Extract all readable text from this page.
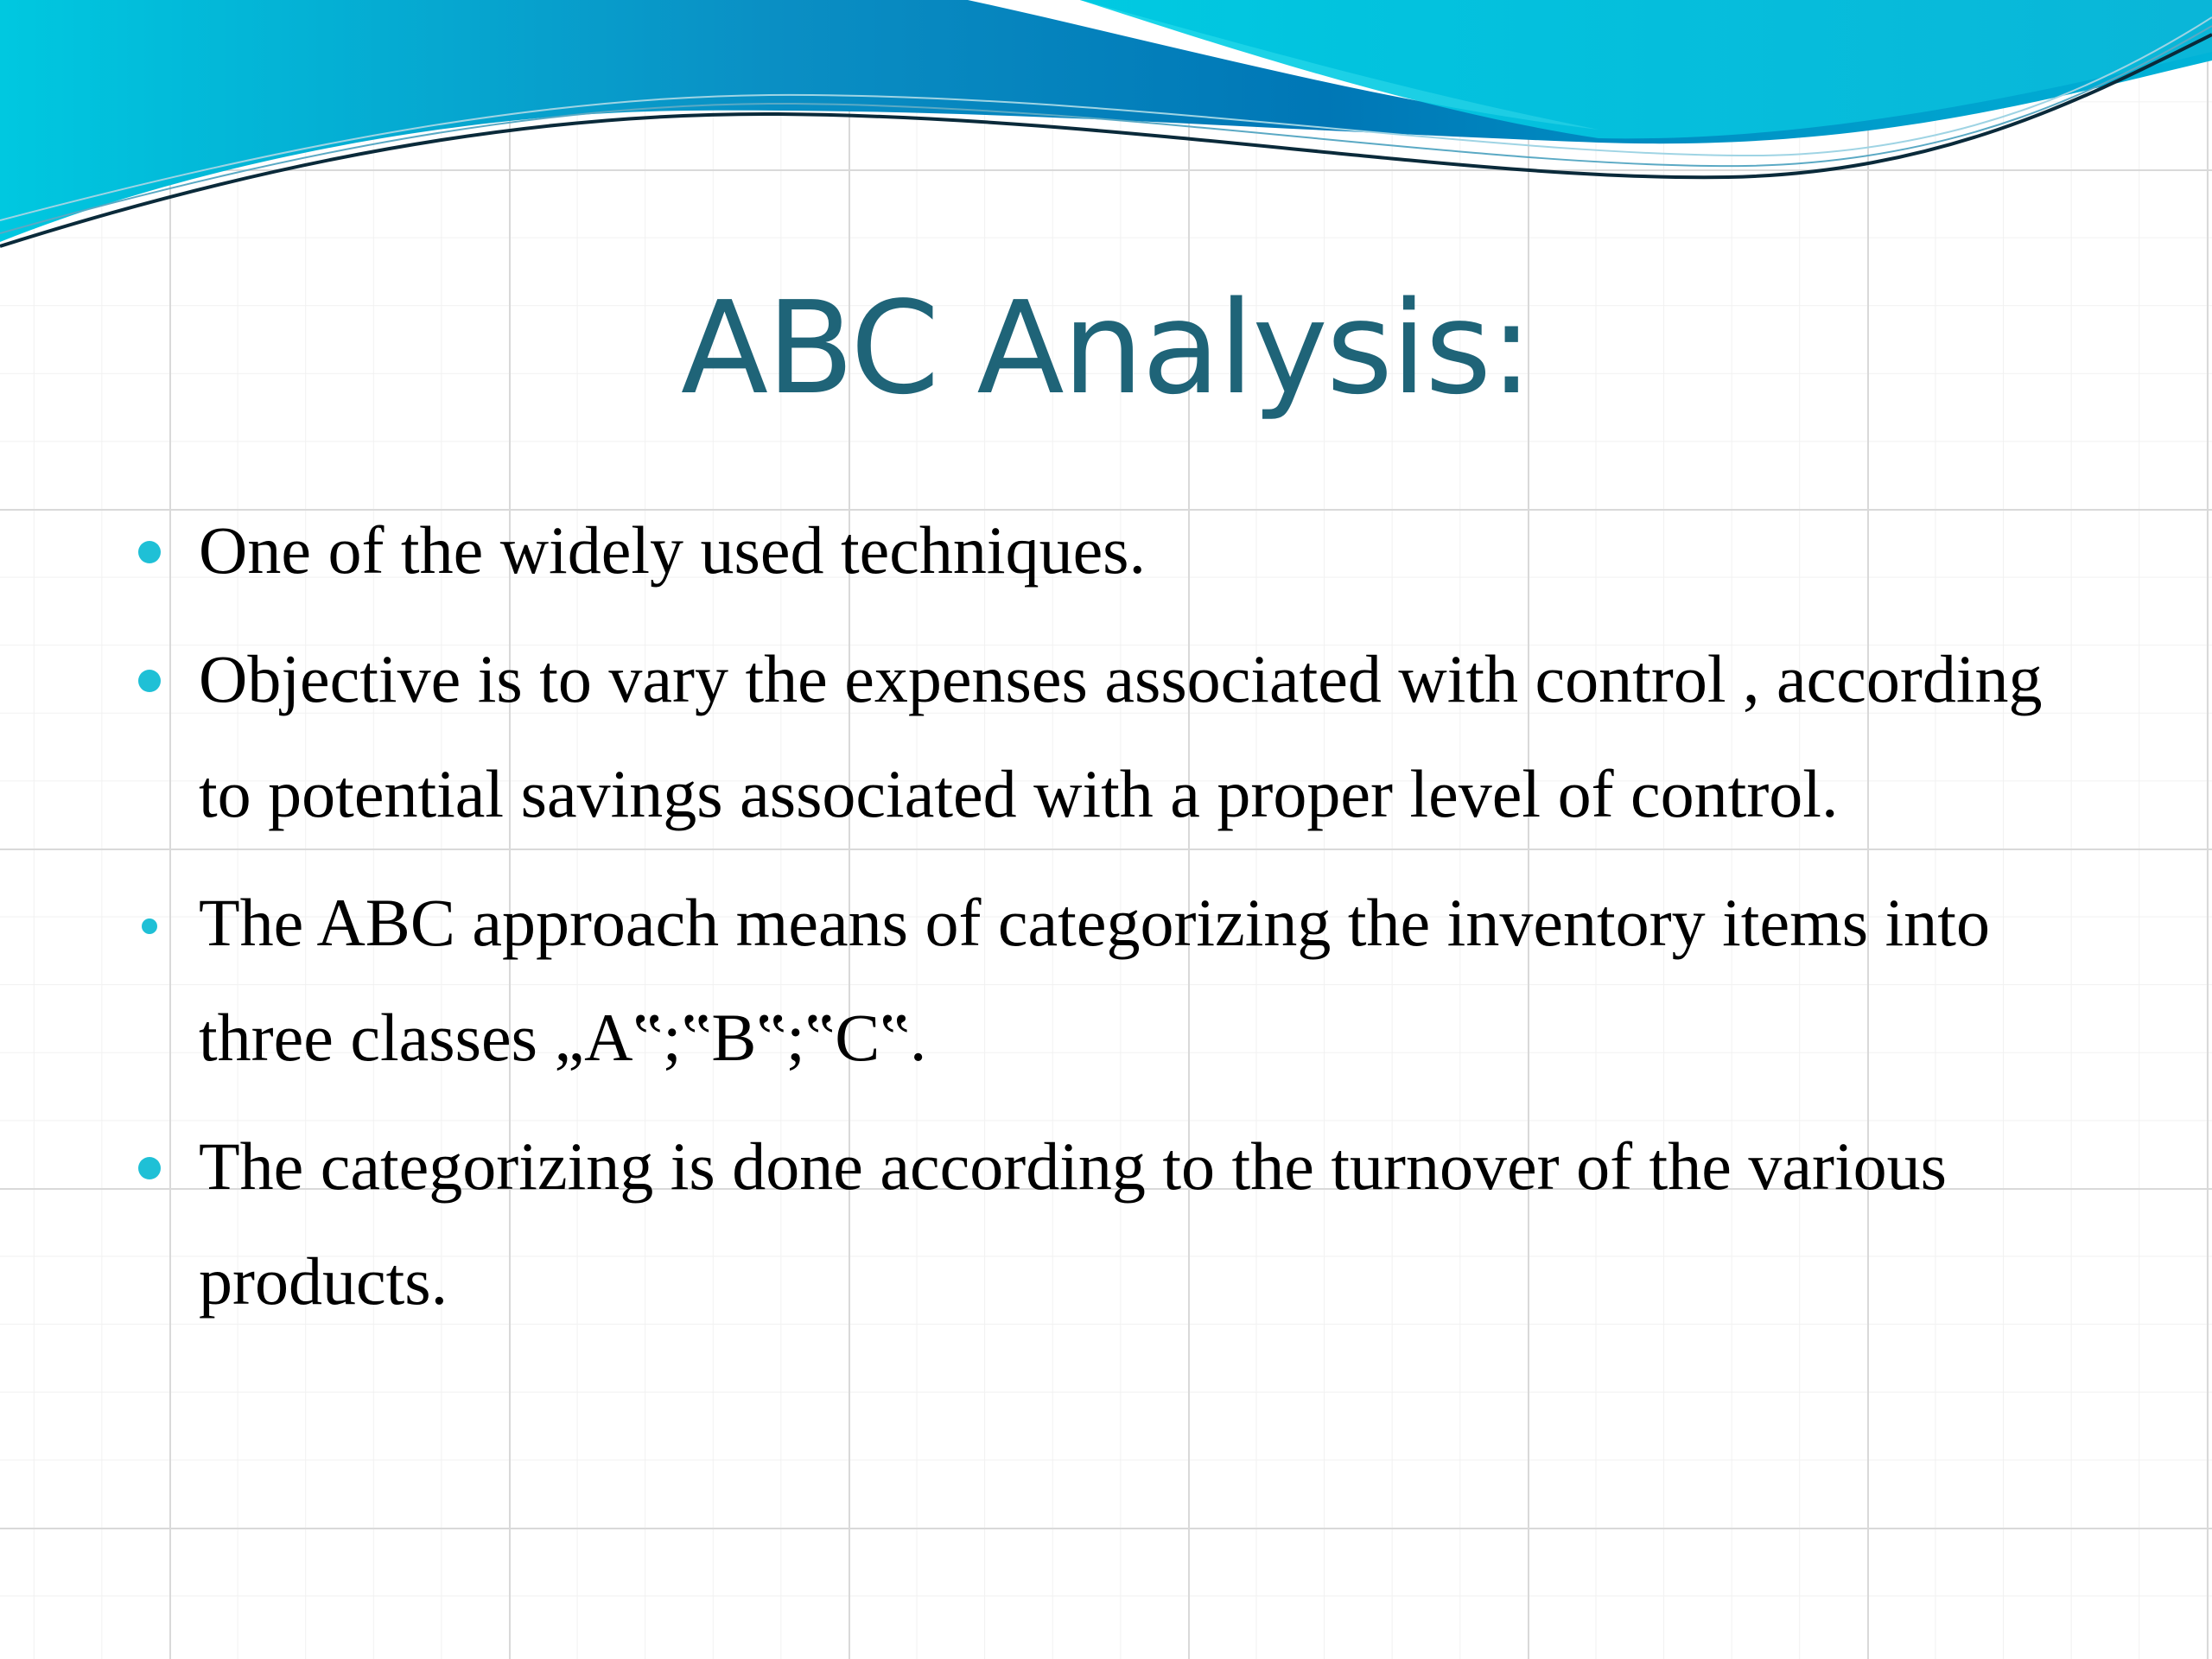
ABC Analysis:
One of the widely used techniques.
Objective is to vary the expenses associated with control , according to potential savings associated with a proper level of control.
The ABC approach means of categorizing the inventory items into three classes „A‟;‟B‟;‟C‟.
The categorizing is done according to the turnover of the various products.
